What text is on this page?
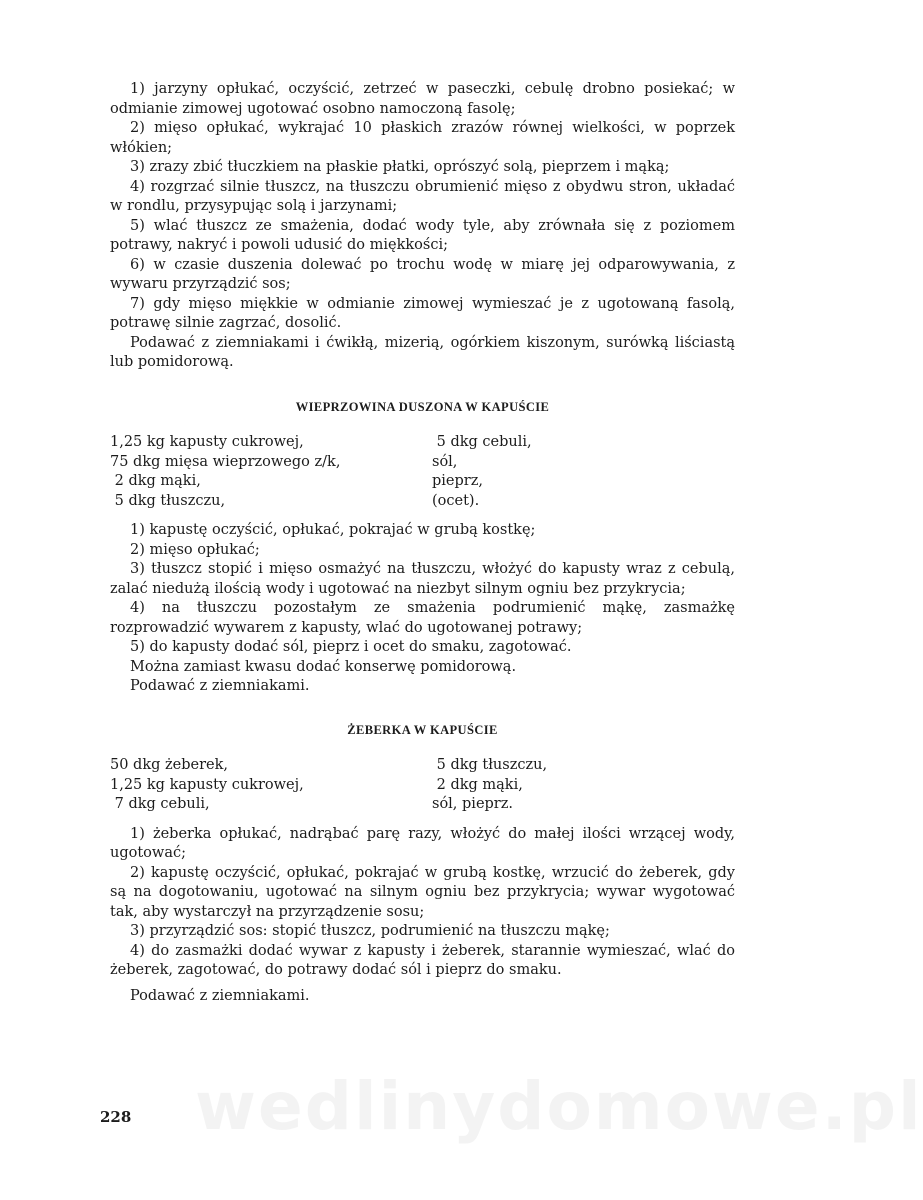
wedlinydomowe.pl

1) jarzyny opłukać, oczyścić, zetrzeć w paseczki, cebulę drobno posiekać; w odmianie zimowej ugotować osobno namoczoną fasolę;

2) mięso opłukać, wykrajać 10 płaskich zrazów równej wielkości, w poprzek włókien;

3) zrazy zbić tłuczkiem na płaskie płatki, oprószyć solą, pieprzem i mąką;

4) rozgrzać silnie tłuszcz, na tłuszczu obrumienić mięso z obydwu stron, układać w rondlu, przysypując solą i jarzynami;

5) wlać tłuszcz ze smażenia, dodać wody tyle, aby zrównała się z poziomem potrawy, nakryć i powoli udusić do miękkości;

6) w czasie duszenia dolewać po trochu wodę w miarę jej odparowywania, z wywaru przyrządzić sos;

7) gdy mięso miękkie w odmianie zimowej wymieszać je z ugotowaną fasolą, potrawę silnie zagrzać, dosolić.

Podawać z ziemniakami i ćwikłą, mizerią, ogórkiem kiszonym, surówką liściastą lub pomidorową.

WIEPRZOWINA DUSZONA W KAPUŚCIE
1,25 kg kapusty cukrowej,	5 dkg cebuli,
75 dkg mięsa wieprzowego z/k,	sól,
2 dkg mąki,	pieprz,
5 dkg tłuszczu,	(ocet).

1) kapustę oczyścić, opłukać, pokrajać w grubą kostkę;

2) mięso opłukać;

3) tłuszcz stopić i mięso osmażyć na tłuszczu, włożyć do kapusty wraz z cebulą, zalać niedużą ilością wody i ugotować na niezbyt silnym ogniu bez przykrycia;

4) na tłuszczu pozostałym ze smażenia podrumienić mąkę, zasmażkę rozprowadzić wywarem z kapusty, wlać do ugotowanej potrawy;

5) do kapusty dodać sól, pieprz i ocet do smaku, zagotować.

Można zamiast kwasu dodać konserwę pomidorową.

Podawać z ziemniakami.

ŻEBERKA W KAPUŚCIE
50 dkg żeberek,	5 dkg tłuszczu,
1,25 kg kapusty cukrowej,	2 dkg mąki,
7 dkg cebuli,	sól, pieprz.

1) żeberka opłukać, nadrąbać parę razy, włożyć do małej ilości wrzącej wody, ugotować;

2) kapustę oczyścić, opłukać, pokrajać w grubą kostkę, wrzucić do żeberek, gdy są na dogotowaniu, ugotować na silnym ogniu bez przykrycia; wywar wygotować tak, aby wystarczył na przyrządzenie sosu;

3) przyrządzić sos: stopić tłuszcz, podrumienić na tłuszczu mąkę;

4) do zasmażki dodać wywar z kapusty i żeberek, starannie wymieszać, wlać do żeberek, zagotować, do potrawy dodać sól i pieprz do smaku.

Podawać z ziemniakami.

228
